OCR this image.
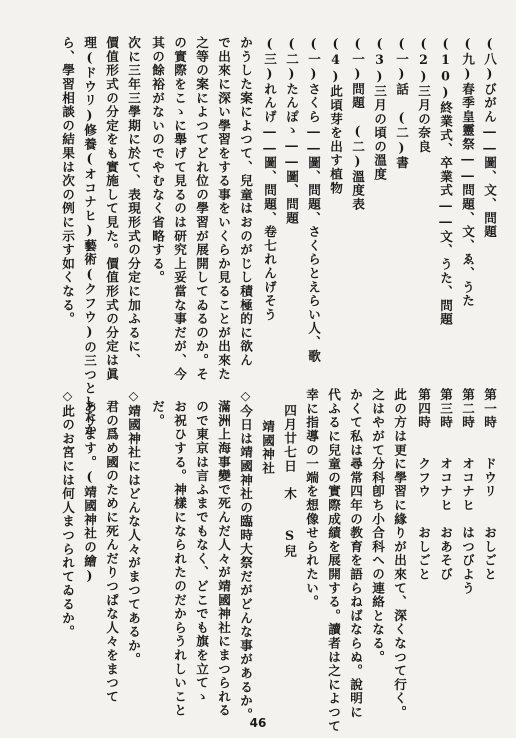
(八)びがん――圖、文、問題
(九)春季皇靈祭――問題、文、ゑ、うた
(10)終業式、卒業式――文、うた、問題
(2)三月の奈良
(一)話　(二)書
(3)三月の頃の溫度
(一)問題　(二)溫度表
(4)此頃芽を出す植物
(一)さくら――圖、問題、さくらとえらい人、歌
(二)たんぽゝ――圖、問題
(三)れんげ――圖、問題、卷七れんげそう
かうした案によつて、兒童はおのがじし積極的に欲ん
で出來に深い學習をする事をいくらか見ることが出來た
之等の案によつてどれ位の學習が展開してゐるのか。そ
の實際をこゝに舉げて見るのは研究上妥當な事だが、今
其の餘裕がないのでやむなく省略する。
次に三年三學期に於て、表現形式の分定に加ふるに、
價值形式の分定をも實施して見た。價值形式の分定は眞
理(ドウリ)修養(オコナヒ)藝術(クフウ)の三つとしたか
ら、學習相談の結果は次の例に示す如くなる。
第一時　　ドウリ　　おしごと
第二時　　オコナヒ　はつびよう
第三時　　オコナヒ　おあそび
第四時　　クフウ　　おしごと
此の方は更に學習に緣りが出來て、深くなつて行く。
之はやがて分科卽ち小合科への連絡となる。
かくて私は尋常四年の教育を語らねばならぬ。說明に
代ふるに兒童の實際成績を展開する。讀者は之によつて
幸に指導の一端を想像せられたい。
四月廿七日　木　　S兒
靖國神社
◇今日は靖國神社の臨時大祭だがどんな事があるか。
滿洲上海事變で死んだ人々が靖國神社にまつられる
ので東京は言ふまでもなく、どこでも旗を立てゝ
お祝ひする。神樣になられたのだからうれしいこと
だ。
◇靖國神社にはどんな人々がまつてあるか。
君の爲め國のために死んだりつぱな人々をまつて
あります。(靖國神社の繪)
◇此のお宮には何人まつられてゐるか。
46
